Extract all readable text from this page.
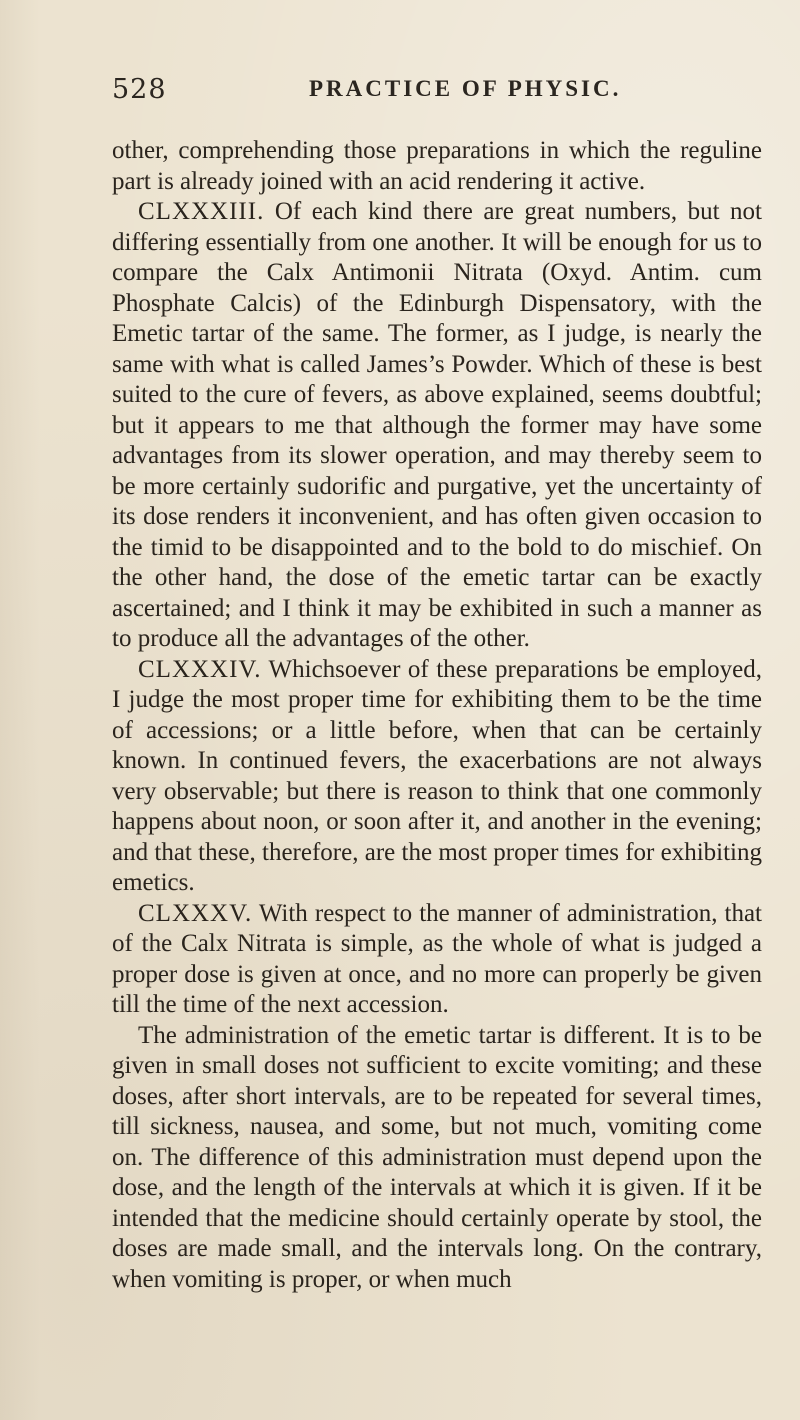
528	PRACTICE OF PHYSIC.

other, comprehending those preparations in which the reguline part is already joined with an acid rendering it active.

CLXXXIII. Of each kind there are great numbers, but not differing essentially from one another. It will be enough for us to compare the Calx Antimonii Nitrata (Oxyd. Antim. cum Phosphate Calcis) of the Edinburgh Dispensatory, with the Emetic tartar of the same. The former, as I judge, is nearly the same with what is called James’s Powder. Which of these is best suited to the cure of fevers, as above explained, seems doubtful; but it appears to me that although the former may have some advantages from its slower operation, and may thereby seem to be more certainly sudorific and purgative, yet the uncertainty of its dose renders it inconvenient, and has often given occasion to the timid to be disappointed and to the bold to do mischief. On the other hand, the dose of the emetic tartar can be exactly ascertained; and I think it may be exhibited in such a manner as to produce all the advantages of the other.

CLXXXIV. Whichsoever of these preparations be employed, I judge the most proper time for exhibiting them to be the time of accessions; or a little before, when that can be certainly known. In continued fevers, the exacerbations are not always very observable; but there is reason to think that one commonly happens about noon, or soon after it, and another in the evening; and that these, therefore, are the most proper times for exhibiting emetics.

CLXXXV. With respect to the manner of administration, that of the Calx Nitrata is simple, as the whole of what is judged a proper dose is given at once, and no more can properly be given till the time of the next accession.

The administration of the emetic tartar is different. It is to be given in small doses not sufficient to excite vomiting; and these doses, after short intervals, are to be repeated for several times, till sickness, nausea, and some, but not much, vomiting come on. The difference of this administration must depend upon the dose, and the length of the intervals at which it is given. If it be intended that the medicine should certainly operate by stool, the doses are made small, and the intervals long. On the contrary, when vomiting is proper, or when much
